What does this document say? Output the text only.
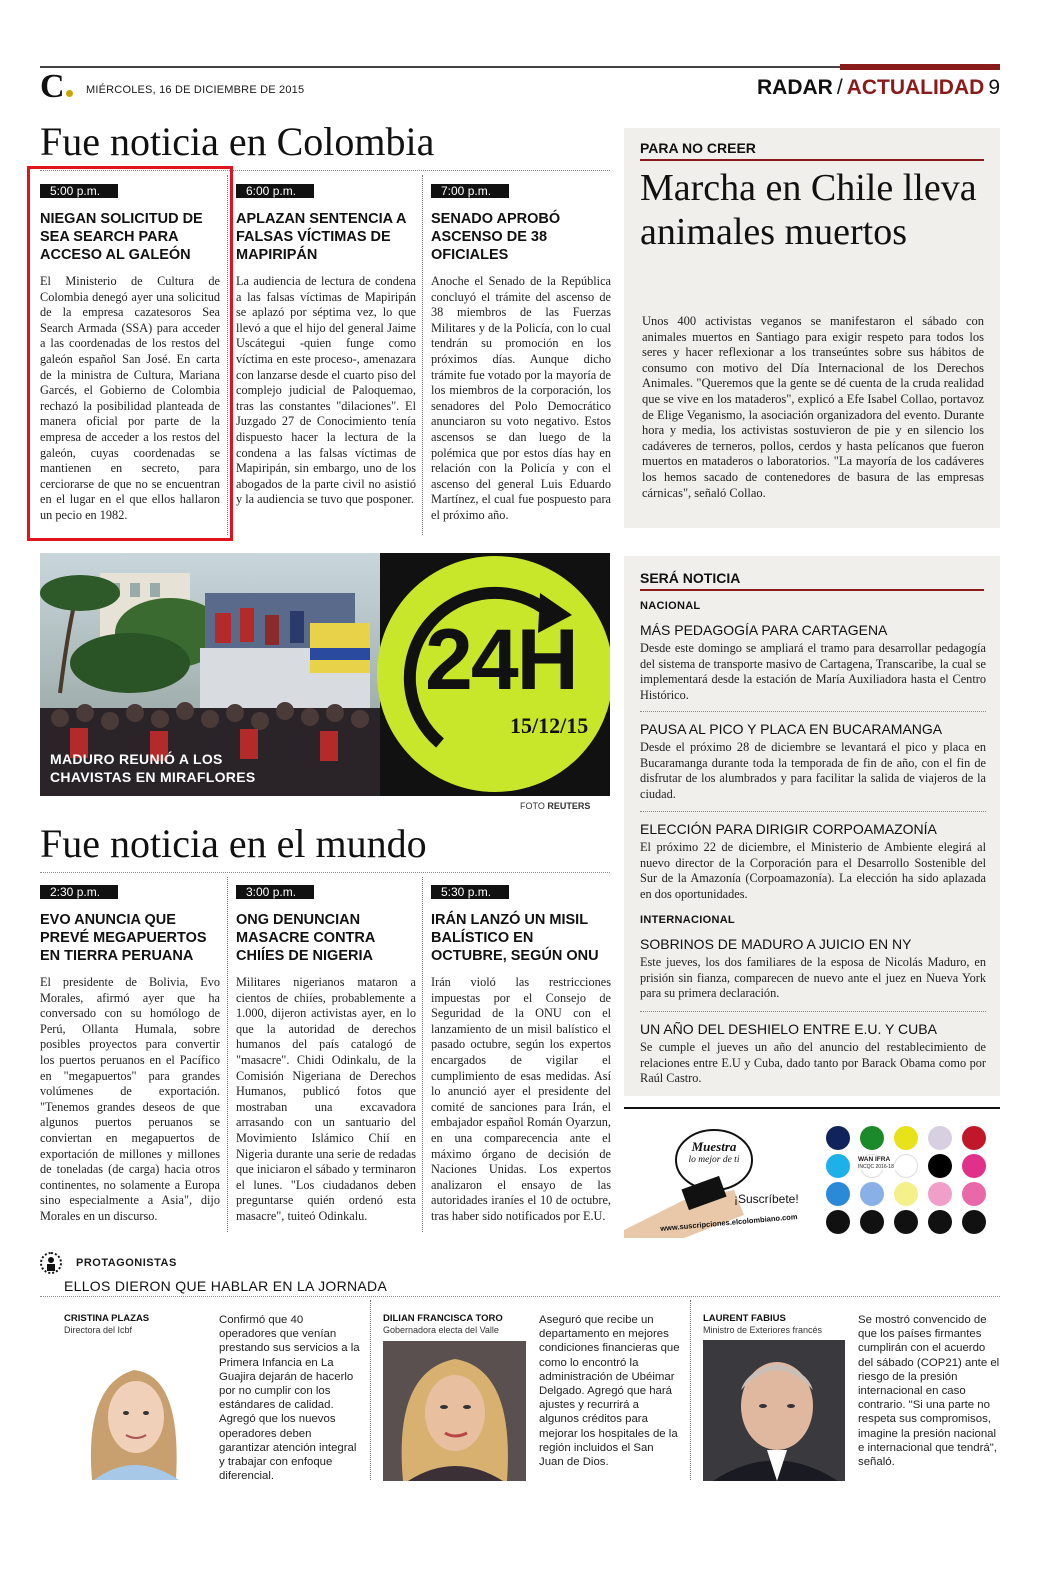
C	MIÉRCOLES, 16 DE DICIEMBRE DE 2015	RADAR / ACTUALIDAD 9
Fue noticia en Colombia
5:00 p.m.
NIEGAN SOLICITUD DE SEA SEARCH PARA ACCESO AL GALEÓN
El Ministerio de Cultura de Colombia denegó ayer una solicitud de la empresa cazatesoros Sea Search Armada (SSA) para acceder a las coordenadas de los restos del galeón español San José. En carta de la ministra de Cultura, Mariana Garcés, el Gobierno de Colombia rechazó la posibilidad planteada de manera oficial por parte de la empresa de acceder a los restos del galeón, cuyas coordenadas se mantienen en secreto, para cerciorarse de que no se encuentran en el lugar en el que ellos hallaron un pecio en 1982.
6:00 p.m.
APLAZAN SENTENCIA A FALSAS VÍCTIMAS DE MAPIRIPÁN
La audiencia de lectura de condena a las falsas víctimas de Mapiripán se aplazó por séptima vez, lo que llevó a que el hijo del general Jaime Uscátegui -quien funge como víctima en este proceso-, amenazara con lanzarse desde el cuarto piso del complejo judicial de Paloquemao, tras las constantes "dilaciones". El Juzgado 27 de Conocimiento tenía dispuesto hacer la lectura de la condena a las falsas víctimas de Mapiripán, sin embargo, uno de los abogados de la parte civil no asistió y la audiencia se tuvo que posponer.
7:00 p.m.
SENADO APROBÓ ASCENSO DE 38 OFICIALES
Anoche el Senado de la República concluyó el trámite del ascenso de 38 miembros de las Fuerzas Militares y de la Policía, con lo cual tendrán su promoción en los próximos días. Aunque dicho trámite fue votado por la mayoría de los miembros de la corporación, los senadores del Polo Democrático anunciaron su voto negativo. Estos ascensos se dan luego de la polémica que por estos días hay en relación con la Policía y con el ascenso del general Luis Eduardo Martínez, el cual fue pospuesto para el próximo año.
PARA NO CREER
Marcha en Chile lleva animales muertos
Unos 400 activistas veganos se manifestaron el sábado con animales muertos en Santiago para exigir respeto para todos los seres y hacer reflexionar a los transeúntes sobre sus hábitos de consumo con motivo del Día Internacional de los Derechos Animales. "Queremos que la gente se dé cuenta de la cruda realidad que se vive en los mataderos", explicó a Efe Isabel Collao, portavoz de Elige Veganismo, la asociación organizadora del evento. Durante hora y media, los activistas sostuvieron de pie y en silencio los cadáveres de terneros, pollos, cerdos y hasta pelícanos que fueron muertos en mataderos o laboratorios. "La mayoría de los cadáveres los hemos sacado de contenedores de basura de las empresas cárnicas", señaló Collao.
24H
15/12/15
MADURO REUNIÓ A LOS
CHAVISTAS EN MIRAFLORES
FOTO REUTERS
SERÁ NOTICIA
NACIONAL
MÁS PEDAGOGÍA PARA CARTAGENA
Desde este domingo se ampliará el tramo para desarrollar pedagogía del sistema de transporte masivo de Cartagena, Transcaribe, la cual se implementará desde la estación de María Auxiliadora hasta el Centro Histórico.
PAUSA AL PICO Y PLACA EN BUCARAMANGA
Desde el próximo 28 de diciembre se levantará el pico y placa en Bucaramanga durante toda la temporada de fin de año, con el fin de disfrutar de los alumbrados y para facilitar la salida de viajeros de la ciudad.
ELECCIÓN PARA DIRIGIR CORPOAMAZONÍA
El próximo 22 de diciembre, el Ministerio de Ambiente elegirá al nuevo director de la Corporación para el Desarrollo Sostenible del Sur de la Amazonía (Corpoamazonía). La elección ha sido aplazada en dos oportunidades.
INTERNACIONAL
SOBRINOS DE MADURO A JUICIO EN NY
Este jueves, los dos familiares de la esposa de Nicolás Maduro, en prisión sin fianza, comparecen de nuevo ante el juez en Nueva York para su primera declaración.
UN AÑO DEL DESHIELO ENTRE E.U. Y CUBA
Se cumple el jueves un año del anuncio del restablecimiento de relaciones entre E.U y Cuba, dado tanto por Barack Obama como por Raúl Castro.
Fue noticia en el mundo
2:30 p.m.
EVO ANUNCIA QUE PREVÉ MEGAPUERTOS EN TIERRA PERUANA
El presidente de Bolivia, Evo Morales, afirmó ayer que ha conversado con su homólogo de Perú, Ollanta Humala, sobre posibles proyectos para convertir los puertos peruanos en el Pacífico en "megapuertos" para grandes volúmenes de exportación. "Tenemos grandes deseos de que algunos puertos peruanos se conviertan en megapuertos de exportación de millones y millones de toneladas (de carga) hacia otros continentes, no solamente a Europa sino especialmente a Asia", dijo Morales en un discurso.
3:00 p.m.
ONG DENUNCIAN MASACRE CONTRA CHIÍES DE NIGERIA
Militares nigerianos mataron a cientos de chiíes, probablemente a 1.000, dijeron activistas ayer, en lo que la autoridad de derechos humanos del país catalogó de "masacre". Chidi Odinkalu, de la Comisión Nigeriana de Derechos Humanos, publicó fotos que mostraban una excavadora arrasando con un santuario del Movimiento Islámico Chií en Nigeria durante una serie de redadas que iniciaron el sábado y terminaron el lunes. "Los ciudadanos deben preguntarse quién ordenó esta masacre", tuiteó Odinkalu.
5:30 p.m.
IRÁN LANZÓ UN MISIL BALÍSTICO EN OCTUBRE, SEGÚN ONU
Irán violó las restricciones impuestas por el Consejo de Seguridad de la ONU con el lanzamiento de un misil balístico el pasado octubre, según los expertos encargados de vigilar el cumplimiento de esas medidas. Así lo anunció ayer el presidente del comité de sanciones para Irán, el embajador español Román Oyarzun, en una comparecencia ante el máximo órgano de decisión de Naciones Unidas. Los expertos analizaron el ensayo de las autoridades iraníes el 10 de octubre, tras haber sido notificados por E.U.
Muestra
lo mejor de ti
¡Suscríbete!
www.suscripciones.elcolombiano.com
WAN IFRA
INCQC 2016-18
PROTAGONISTAS
ELLOS DIERON QUE HABLAR EN LA JORNADA
CRISTINA PLAZAS
Directora del Icbf
Confirmó que 40 operadores que venían prestando sus servicios a la Primera Infancia en La Guajira dejarán de hacerlo por no cumplir con los estándares de calidad. Agregó que los nuevos operadores deben garantizar atención integral y trabajar con enfoque diferencial.
DILIAN FRANCISCA TORO
Gobernadora electa del Valle
Aseguró que recibe un departamento en mejores condiciones financieras que como lo encontró la administración de Ubéimar Delgado. Agregó que hará ajustes y recurrirá a algunos créditos para mejorar los hospitales de la región incluidos el San Juan de Dios.
LAURENT FABIUS
Ministro de Exteriores francés
Se mostró convencido de que los países firmantes cumplirán con el acuerdo del sábado (COP21) ante el riesgo de la presión internacional en caso contrario. "Si una parte no respeta sus compromisos, imagine la presión nacional e internacional que tendrá", señaló.
